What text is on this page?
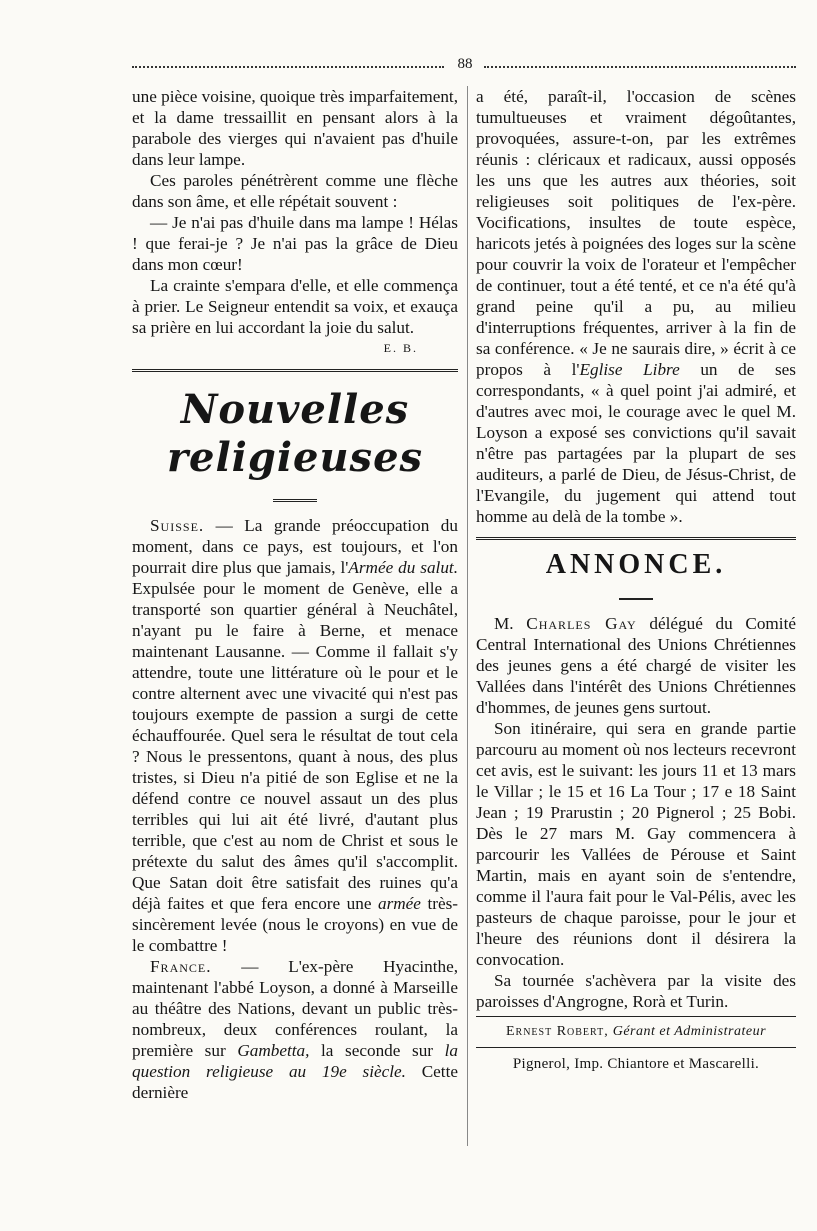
88

une pièce voisine, quoique très imparfaitement, et la dame tressaillit en pensant alors à la parabole des vierges qui n'avaient pas d'huile dans leur lampe.

Ces paroles pénétrèrent comme une flèche dans son âme, et elle répétait souvent :

— Je n'ai pas d'huile dans ma lampe ! Hélas ! que ferai-je ? Je n'ai pas la grâce de Dieu dans mon cœur!

La crainte s'empara d'elle, et elle commença à prier. Le Seigneur entendit sa voix, et exauça sa prière en lui accordant la joie du salut.

E. B.

Nouvelles religieuses

Suisse. — La grande préoccupation du moment, dans ce pays, est toujours, et l'on pourrait dire plus que jamais, l'Armée du salut. Expulsée pour le moment de Genève, elle a transporté son quartier général à Neuchâtel, n'ayant pu le faire à Berne, et menace maintenant Lausanne. — Comme il fallait s'y attendre, toute une littérature où le pour et le contre alternent avec une vivacité qui n'est pas toujours exempte de passion a surgi de cette échauffourée. Quel sera le résultat de tout cela ? Nous le pressentons, quant à nous, des plus tristes, si Dieu n'a pitié de son Eglise et ne la défend contre ce nouvel assaut un des plus terribles qui lui ait été livré, d'autant plus terrible, que c'est au nom de Christ et sous le prétexte du salut des âmes qu'il s'accomplit. Que Satan doit être satisfait des ruines qu'a déjà faites et que fera encore une armée très-sincèrement levée (nous le croyons) en vue de le combattre !

France. — L'ex-père Hyacinthe, maintenant l'abbé Loyson, a donné à Marseille au théâtre des Nations, devant un public très-nombreux, deux conférences roulant, la première sur Gambetta, la seconde sur la question religieuse au 19e siècle. Cette dernière

a été, paraît-il, l'occasion de scènes tumultueuses et vraiment dégoûtantes, provoquées, assure-t-on, par les extrêmes réunis : cléricaux et radicaux, aussi opposés les uns que les autres aux théories, soit religieuses soit politiques de l'ex-père. Vocifications, insultes de toute espèce, haricots jetés à poignées des loges sur la scène pour couvrir la voix de l'orateur et l'empêcher de continuer, tout a été tenté, et ce n'a été qu'à grand peine qu'il a pu, au milieu d'interruptions fréquentes, arriver à la fin de sa conférence. « Je ne saurais dire, » écrit à ce propos à l'Eglise Libre un de ses correspondants, « à quel point j'ai admiré, et d'autres avec moi, le courage avec le quel M. Loyson a exposé ses convictions qu'il savait n'être pas partagées par la plupart de ses auditeurs, a parlé de Dieu, de Jésus-Christ, de l'Evangile, du jugement qui attend tout homme au delà de la tombe ».

ANNONCE.

M. Charles Gay délégué du Comité Central International des Unions Chrétiennes des jeunes gens a été chargé de visiter les Vallées dans l'intérêt des Unions Chrétiennes d'hommes, de jeunes gens surtout.

Son itinéraire, qui sera en grande partie parcouru au moment où nos lecteurs recevront cet avis, est le suivant: les jours 11 et 13 mars le Villar ; le 15 et 16 La Tour ; 17 e 18 Saint Jean ; 19 Prarustin ; 20 Pignerol ; 25 Bobi. Dès le 27 mars M. Gay commencera à parcourir les Vallées de Pérouse et Saint Martin, mais en ayant soin de s'entendre, comme il l'aura fait pour le Val-Pélis, avec les pasteurs de chaque paroisse, pour le jour et l'heure des réunions dont il désirera la convocation.

Sa tournée s'achèvera par la visite des paroisses d'Angrogne, Rorà et Turin.

Ernest Robert, Gérant et Administrateur

Pignerol, Imp. Chiantore et Mascarelli.
